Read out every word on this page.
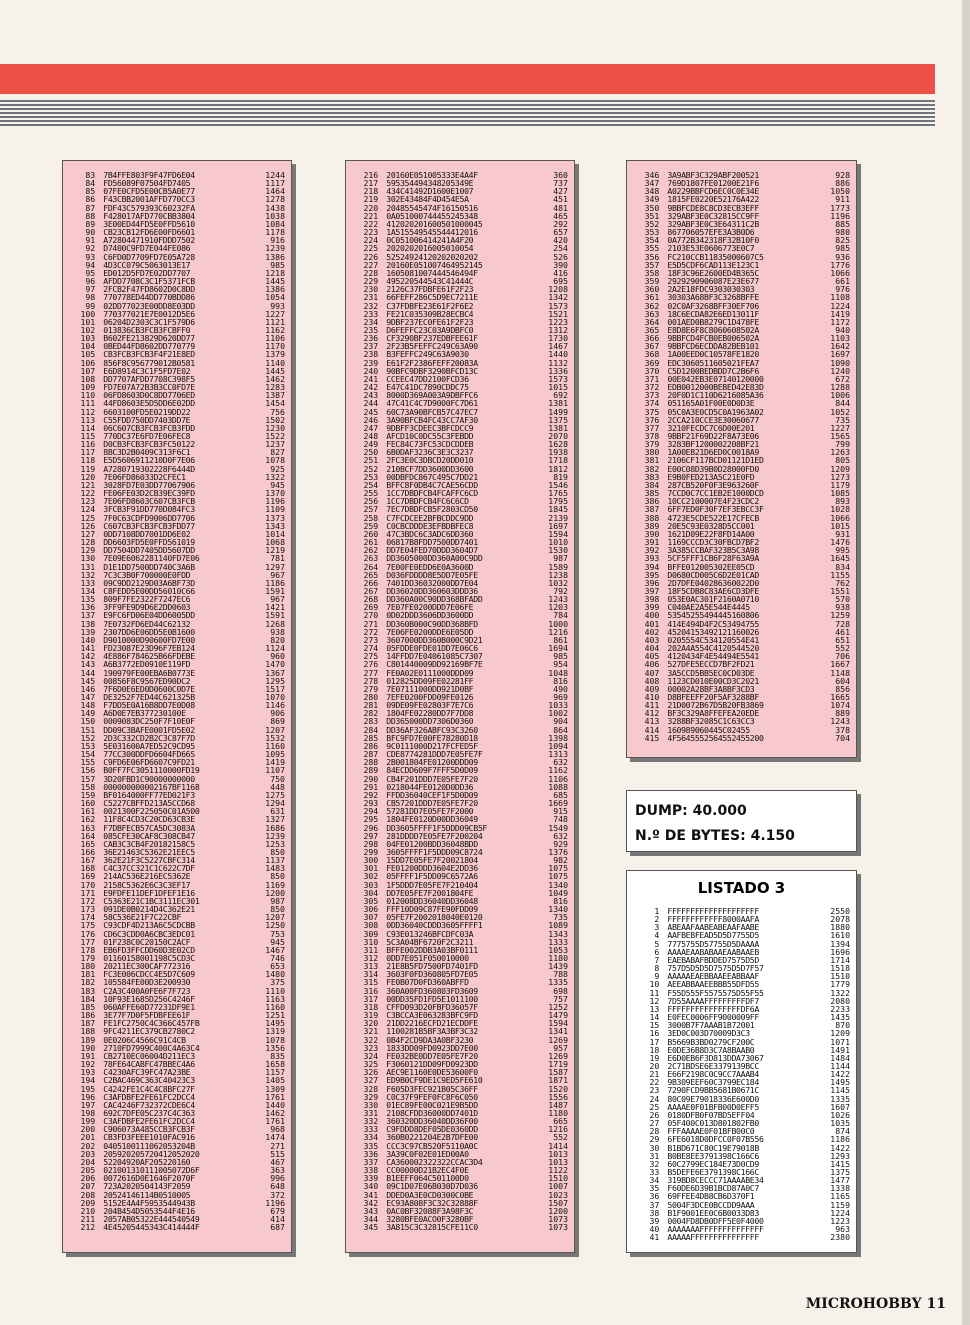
83 7B4FFE803F9F47FD6E04	1244
84 FD56089F07504FD7405	1117
85 07FE0CFD5E00CB5A0E77	1464
86 F43CBB2001AFFD770CC3	1278
87 FDF43C579393C60232FA	1438
88 F428017AFD770CBB3804	1038
89 3E00ED44FD5E0FFD5610	1084
90 CB23CB12FD6E00FD6601	1178
91 A72804471910FDDD7502	916
92 D7400C9FD7E044FE086	1239
93 C6FD0D7709FD7E05A728	1386
94 4D3CC079C5063013E17	985
95 ED012D5FD7E02DD7707	1218
96 AFDD7708C3C1F5371FCB	1445
97 2FCB2F47FD8602D0C8DD	1386
98 770778ED44DD770BDD86	1054
99 02DD77023E00DD8E03DD	993
100 770377021E7E0012D5E6	1227
101 06204D2303C3C1F579D6	1121
102 013836CB3FCB3FCBFF0	1162
103 B602FE213829D620DD77	1106
104 0BED44FD8602DD770779	1170
105 CB3FCB3FCB3F4F21E8ED	1379
106 856F8C956779012B0581	1140
107 E6D8914C3C1F5FD7E02	1445
108 DD7707AFDD7708C398F5	1462
109 FD7E07A72B3B3CC0FD7E	1283
110 06FD8603D0C8DD7706ED	1387
111 44FD8603E5D5DD6E02DD	1454
112 6603100FD5E0219DD22	756
113 C55FDD750DD7403DD7E	1502
114 06C607CB3FCB3FCB3FDD	1230
115 770DC37E6FD7E06FEC8	1522
116 D0CB3FCB3FCB3FC50122	1237
117 8BC3D2B0409C313F6C1	827
118 E5D5606911210D0F7E06	1078
119 A7280719302228F6444D	925
120 7E06FD86033D2CFEC1	1322
121 3028FD7E03DD77067906	945
122 FE06FE03D2CB39EC39FD	1370
123 7E06FD8603C607CB3FCB	1196
124 3FCB3F91DD770D084FC3	1109
125 7F0C63CDFD9006DD7706	1373
126 C607CB3FCB3FCB3FDD77	1343
127 0DD7108DD7001DD6E02	1014
128 DD6603FD5E0FFD561019	1068
129 DD7504DD7405DD5607DD	1219
130 7E09E6062281140FD7E06	781
131 D1E1DD7500DD740C3A6B	1297
132 7C3C3B0F700000E0FDD	967
133 09C9DD2129D03A6BF73D	1186
134 C8FEDD5E00DD56010C66	1591
135 809F7FE2322F7247EC6	967
136 3FF9FE9D9D6E2DD0603	1421
137 E9FC6FD06E04DD6005DD	1591
138 7E0732FD6ED44C62132	1268
139 2307DD6E06DD5E0B1600	938
140 D9010000D90600FD7E00	820
141 FD23087E23D96F7EB124	1124
142 4E886F784625B66FDEBE	960
143 A6B3772ED0910E119FD	1470
144 190979FE00EBA6B0773E	1367
145 00856F8C9567ED90DC2	1295
146 7F6D0E6ED0D0600C0D7E	1517
147 DE3252F7ED44C621325B	1070
148 F7DD5E0A16B8DD7E0D08	1146
149 A6D0E7EB377230100E	906
150 0009083DC250F7F10E0F	869
151 DD09C3BAFE0001FD5E02	1207
152 2D3C332CD2B2C3C87F7D	1532
153 5E031600A7ED52C9CD95	1160
154 77CC300DDFD6604FD66S	1095
155 C9FD6E06FD6607C9FD21	1419
156 B0FF7FC3051110000FD19	1107
157 3D20FBD1C90000000000	750
158 000000000002167BF1168	448
159 BF0164000FF77ED021F3	1275
160 C5227CBFFD213A5CCD68	1294
161 0021300F225050C01A500	631
162 11F8C4CD3C20CD63CB3E	1327
163 F7DBFECB57CA5DC3083A	1686
164 085CFE30CAF8C308CB47	1239
165 CAB3C3CB4F20182158C5	1253
166 36E21463C5362E21EEC5	850
167 362E21F3C5227CBFC314	1137
168 C4C37CC321C1C622C7DF	1483
169 214AC536E216EC5362E	850
170 2158C5362E6C3C3EF17	1169
171 E9FDFE11DEF1DFEF1E16	1200
172 C5363E21C1BC3111EC301	987
173 091DE0B0214D4C362E21	850
174 58C536E21F7C22CBF	1207
175 C93CDF4D213A6C5CDCBB	1250
176 CD6C3CDD0A6CBC3EDC01	753
177 01F238C0C20150C2ACF	945
178 EB6FD3FFCDD60D3E02CD	1467
179 01160158001198C5CD3C	746
180 20211EC300CAF772316	653
181 FC3E006CDCC4E5D7C609	1480
182 105584FE00D3E200930	375
183 C2A3C400A0FE6F7F723	1110
184 10F93E1685D256C4246F	1163
185 060AFFE60D77231DF9E1	1160
186 3E77F7D0F5FDBFEE61F	1251
187 FE1FC2750C4C366C457FB	1495
188 9FC4211EC379CB2780C2	1319
189 0E0206C4566C91C4CB	1078
190 2710FD7999C400C4A63C4	1356
191 CB2710EC06004D211EC3	835
192 78FE64CABFC47BBEC4A6	1658
193 C4230AFC39FC47A23BE	1157
194 C2BAC469C363C40423C3	1405
195 C4242FE1C4C4C8BFC27F	1309
196 C3AFDBFE2FE61FC2DCC4	1761
197 CAC4246F732372CDE6C4	1440
198 692C7DFE05C237C4C363	1462
199 C3AFDBFE2FE61FC2DCC4	1761
200 C906073A485CCB3FCB3F	968
201 CB3FD3FEEE1010FAC916	1474
202 0405100111062053204B	271
203 205920205720412052020	515
204 52204920AF205220160	467
205 021001310111005072D6F	363
206 0072616D0E1646F2070F	996
207 723A2020504143F2059	648
208 20524146114B0510005	372
209 5152E4A4F5953544943B	1196
210 204B454D5053544F4E16	679
211 2057AB05322E444540549	414
212 4E45205445343C414444F	687
216 20160E051005333E4A4F	360
217 595354494348205349E	737
218 434C41492D1600E1007	427
219 302E43484F4D454E5A	451
220 20485545474F16150516	481
221 0A051000744455245348	465
222 412020201600501000045	292
223 1A515549545544412016	657
224 0C051006414241A4F20	420
225 2020202016005010054	254
226 52524924120202020202	526
227 20160E051007464952145	390
228 1605081007444546494F	416
229 495220544543C41444C	695
230 2126C37FDBFE61F2F23	1208
231 66FEFF286C5D9EC7211E	1342
232 C37FDBFE23E61F2F6E2	1573
233 FE21C035309B28ECBC4	1521
234 9DBF237EC0FE61F2F23	1223
235 D6FEFFC23C03A9DBFC0	1312
236 CF3290BF237EDBFEE61F	1730
237 2F23B5FEFFC249C63A90	1467
238 B3FEFFC249C63A9030	1440
239 E61F2F2386FEFF20083A	1132
240 90BFC9DBF3290BFCD13C	1336
241 CCEEC47DD2100FCD36	1573
242 E47C41DC7890CDDC75	1015
243 8000D369A003A9DBFFC6	692
244 47C41C4C7D9000FC7D61	1381
245 60C73A90BFCB57C47EC7	1499
246 3A90BFCB4FC43CC7AF30	1375
247 9DBFF3CDEEC3BFCDCC9	1381
248 AFCD10C0DC55C3FEBDD	2070
249 FEC84C73FC53CDCDDEB	1628
250 6B0DAF3236C3E3C3237	1938
251 2FC3E0C3DBCD20DD010	1718
252 210BCF7DD3600DD3600	1812
253 00DBFDC867C495C7DD21	819
254 BFFC8F0DB4C7CAE56CDD	1546
255 1CC7DBDFCB4FCAFFC6CD	1765
256 1CC7DBDFCB4FC6C6CD	1795
257 7EC7DBDFCB5F2803CD50	1845
258 C7FCDCEE2BFBCDDC9DD	2139
259 C0CBCDDDE3EFBDBFEC8	1697
260 47C3BDC6C3ADC6DD360	1594
261 06817B8FDD7500DD7401	1010
262 DD7E04FED70DDD3604D7	1530
263 DD3605000DD360A00C9DD	987
264 7E00FE0EDD6E0A3600D	1589
265 D036FDDDD8E5DD7E05FE	1238
266 7401DD36032000DD7E04	1032
267 DD36020DD360603DDD36	792
268 DD360A00C90DD368BFADD	1243
269 7E07FE0200DDD7E06FE	1203
270 0D02DDD3606DD3600DD	784
271 DD360B000C90DD368BFD	1000
272 7E06FE0200DDE6E05DD	1216
273 3607000DD360B000C9D21	861
274 05FDDE0FDE01DD7E06C6	1694
275 14FFDD7E04061085C7307	985
276 C801440009DD92169BF7E	954
277 FE0A02E0111000DDD09	1048
278 012825DD09FE02281FF	816
279 7E07111000DD921D0BF	490
280 7EFE0200FDD09FE0126	969
281 09DE09FE02803F7E7C6	1033
282 1804FE02280DD7F7DD8	1002
283 DD365000DD7306D0360	904
284 DD36AF326ABFC93C3260	864
285 BFC9FD7E00FE78280D18	1398
286 9C0111000D217FCFED5F	1094
287 CDE8774281DDD7E05FE7F	1313
288 2B001804FE01200DDD09	632
289 84ECDD609F7FFF5D0D09	1162
290 CB4F201DDD7E05FE7F20	1106
291 0218044FE0120D0DD36	1088
292 FFDD36040CEF1F5D0D09	685
293 CB57201DDD7E05FE7F20	1669
294 57281DD7E05FE7F2000	915
295 1804FE0120D00DD36049	748
296 DD3605FFFF1F5DDD09CB5F	1549
297 281DDDD7E05FE7F200204	632
298 04FE01200BDD36048BDD	929
299 3605FFFF1F5DDD09C8724	1376
300 15DD7E05FE7F20021804	982
301 FE01200DDD3604E2DD36	1075
302 05FFFF1F5DD09C6572A6	1075
303 1F5DDD7E05FE7F210404	1340
304 DD7E05FE7F2001804FE	1049
305 012008DD36040DD36048	816
306 FFF10D09C87FE90FDD09	1340
307 05FE7F2002018040E0120	735
308 0DD36040CDDD3605FFFF1	1089
309 C93E013246BFCDFC03A	1343
310 5C3A04BF6720F2C3211	1333
311 BFFE002DDB3A03BF0111	1053
312 0DD7E051F050010000	1180
313 21E8B5FD7500FD7401FD	1439
314 3603F0FD360805FD7E05	788
315 FE0B07D0FD360ABFFD	1335
316 360A00FD360803FD3609	698
317 00DD35FD1FD5E1011100	757
318 CFFD093D20FBFD36057F	1252
319 C3BCCA3E063283BFC9FD	1479
320 21DD2216ECFD21ECDDFE	1594
321 1100281B5BF3A3BF3C32	1341
322 0B4F2CD9DA3A0BF3230	1269
323 1833DD09FD0923DD7E00	957
324 FE032BE0DD7E05FE7F20	1269
325 F3060121DD09FD0923DD	1719
326 AEC9E1160E0DE53600F0	1587
327 ED9B0CF9DE1C9ED5FE610	1871
328 F605D3FEC921B05C36FF	1520
329 C0C37F9FEF0FC8F6C050	1556
330 01EC89FE00C021E9B5DD	1487
331 2108CFDD36000DD7401D	1180
332 360320DD36040DD36F00	665
333 C9FDDD8DEF05DE0360DD	1216
334 360B0221204E2B7DFE00	552
335 CCC3C97CB520F5110A0C	1414
336 3A39C0F02E01ED00A0	1013
337 CA360002322322CCAC3D4	1013
338 CC00000D21B2EC4F0E	1122
339 B1EEFF064C501100D0	1510
340 09C1D07E06B030D7D036	1007
341 DDED0A3E0CD0300C0BE	1023
342 EC93A808F3C32C32888F	1507
343 0AC0BF32088F3A98F3C	1200
344 3280BFE0ACO0F3280BF	1073
345 3A815C3C32815CFE11C0	1073
346 3A9ABF3C329ABF200521	928
347 769D1807FE01200E21F6	886
348 A0229BBFCD6EC0C0E34E	1050
349 1815FE0220E52176A422	911
350 9BBFCDE8C8CD3ECB3EFF	1773
351 329ABF3E0C32815CC9FF	1196
352 329ABF3E0C3E64311C2B	885
353 867706057EFE3A3B0D6	980
354 0A772B342318F32B10F0	825
355 2103E53E0606773E0C7	985
356 FC210CCB11835000607C5	936
357 E5D5CDF6CAD113E123C1	1776
358 18F3C96E2600ED4B365C	1066
359 2929290906087E23E677	661
360 2A2E18FDC9303030303	976
361 30303A68BF3C3268BFFE	1108
362 02C0AF3268BFF30EF706	1224
363 18C6ECDA82E6ED13011F	1419
364 001AED0B8279C1D478FE	1172
365 E8D8E6F8C8060608502A	940
366 9BBFCD4FCB0EB006502A	1103
367 9BBFCD6ECDDA82BEB101	1642
368 1A00EED0C10578FE1820	1697
369 EDC3060511605021FEA7	1090
370 C5D1200BEDBDD7C2B6F6	1240
371 00E042EB3E07140120000	672
372 EDB0012000BEBED42E83D	1288
373 20F0D1C110D6216085A36	1006
374 051165A01F00E0D0D3E	844
375 05C0A3E0CD5C0A1963A02	1052
376 2CCA210CCE3E30060677	735
377 3210FECDC7C6D00E201	1227
378 9BBF21F69D22F8A73E06	1565
379 3283BF1200002208BF21	799
380 1A00EB21D6ED0C0018A9	1263
381 2106CF117BCD01121D1ED	805
382 E00C08D39B0D28000FD0	1209
383 E9B0FED213A5C21E0FD	1273
384 287CB520F0F3E963260F	1179
385 7CCD0C7CC1EB2E1000DCD	1085
386 10CC2100007E4F23CDC2	893
387 6FF7ED0F30F7EF3EBCC3F	1028
388 4723E5CDE522E17CFECB	1066
389 20E5C93E0328D5CC001	1015
390 1621D09E22F8FD14A00	931
391 1169CCCD3C30FBCD7BF2	1476
392 3A385CCBAF323B5C3A98	995
393 5CF5FFF1CB6F28F63A9A	1645
394 BFFE012005302EE05CD	834
395 D0680CD005C6D2E01CAD	1155
396 2D7DFE040286360022D0	762
397 18F5CDB8C83AE6CD3DFE	1551
398 053E0AC301F2160A0710	570
399 C040AE2A5E544E4445	938
400 53545255494445160806	1259
401 414E494D4F2C53494755	728
402 45204153492121160026	461
403 0205554C534120554E41	651
404 202A4A554C4120544520	552
405 4120434F4E54494E5541	706
406 527DFE5ECCD7BF2FD21	1667
407 3A5CCD5BB5EC0CD03DE	1148
408 1123CD010E00CD3C2021	604
409 00002A28BF3A8BF3CD3	856
410 D8BFEEFF20F5AF3288BF	1665
411 21D0072B67D5B20FB3869	1074
412 BF3C329A8FFEFEA20EDE	889
413 3288BF32085C1C63CC3	1243
414 160989060445C02455	378
415 4F5645552564552455200	704
DUMP: 40.000
N.º DE BYTES: 4.150
LISTADO 3
1 FFFFFFFFFFFFFFFFFFFF	2550
2 FFFFFFFFFFFF8000AAFA	2078
3 ABEAAFAABEABEAAFAABE	1880
4 AAFBEBFEAD5D5D7755D5	1610
5 7775755D57755D5DAAAA	1394
6 AAAAEAABABAAEAABAAEB	1696
7 EAEBABAFBDDED7575D5D	1714
8 757D5D5D5D7575D5D7F57	1518
9 AAAAAEAEBBAAEEABBAAF	1510
10 AEEABBAAEEBBB55DFD55	1779
11 F55D555F5575575D55F55	1322
12 7D55AAAAFFFFFFFFFDF7	2080
13 FFFFFFFFFFFFFFFFDF6A	2233
14 E0FEC0006FF9000009FF	1435
15 3000B7F7AAAB1B72001	870
16 3ED0C003D70009D3C3	1209
17 B5669B3BD0279CF200C	1071
18 E0DE36B8D3C7A8BAAB0	1491
19 E6D0EB6F3D813DDA73067	1484
20 2C71BDSE6E3379139BCC	1144
21 E66F2198C0C9CC7AAAB4	1422
22 9B309EEF60C3799EC184	1495
23 7290FCD9BB5681B0671C	1145
24 80C09E79018336E600D0	1335
25 AAAAE0F01BFB00D0EFF5	1607
26 0180DFB0F07BD5EFF04	1026
27 05F400C013D801802FB0	1035
28 FFFAAAAE0F01BFB00C0	874
29 6FE6018D0DFCC0F07B556	1186
30 B1BD671C80C19E79018B	1422
31 B0BE8EE3791398C166C6	1293
32 60C2799EC184E73D0CD9	1415
33 B5DEFE6E3791398C166C	1375
34 319BD8CECCC71AAAABE34	1477
35 F60DE6D39B1BCD87A0C7	1338
36 69FFEE4DB8CB6D370F1	1165
37 5004F3DCE0BCCDD9AAA	1159
38 B1F9001EE0C6B0033D83	1224
39 0004FD8DB0DFF5E0F4000	1223
40 AAAAAAAFFFFFFFFFFFFFF	963
41 AAAAAFFFFFFFFFFFFFFF	2380
MICROHOBBY 11
